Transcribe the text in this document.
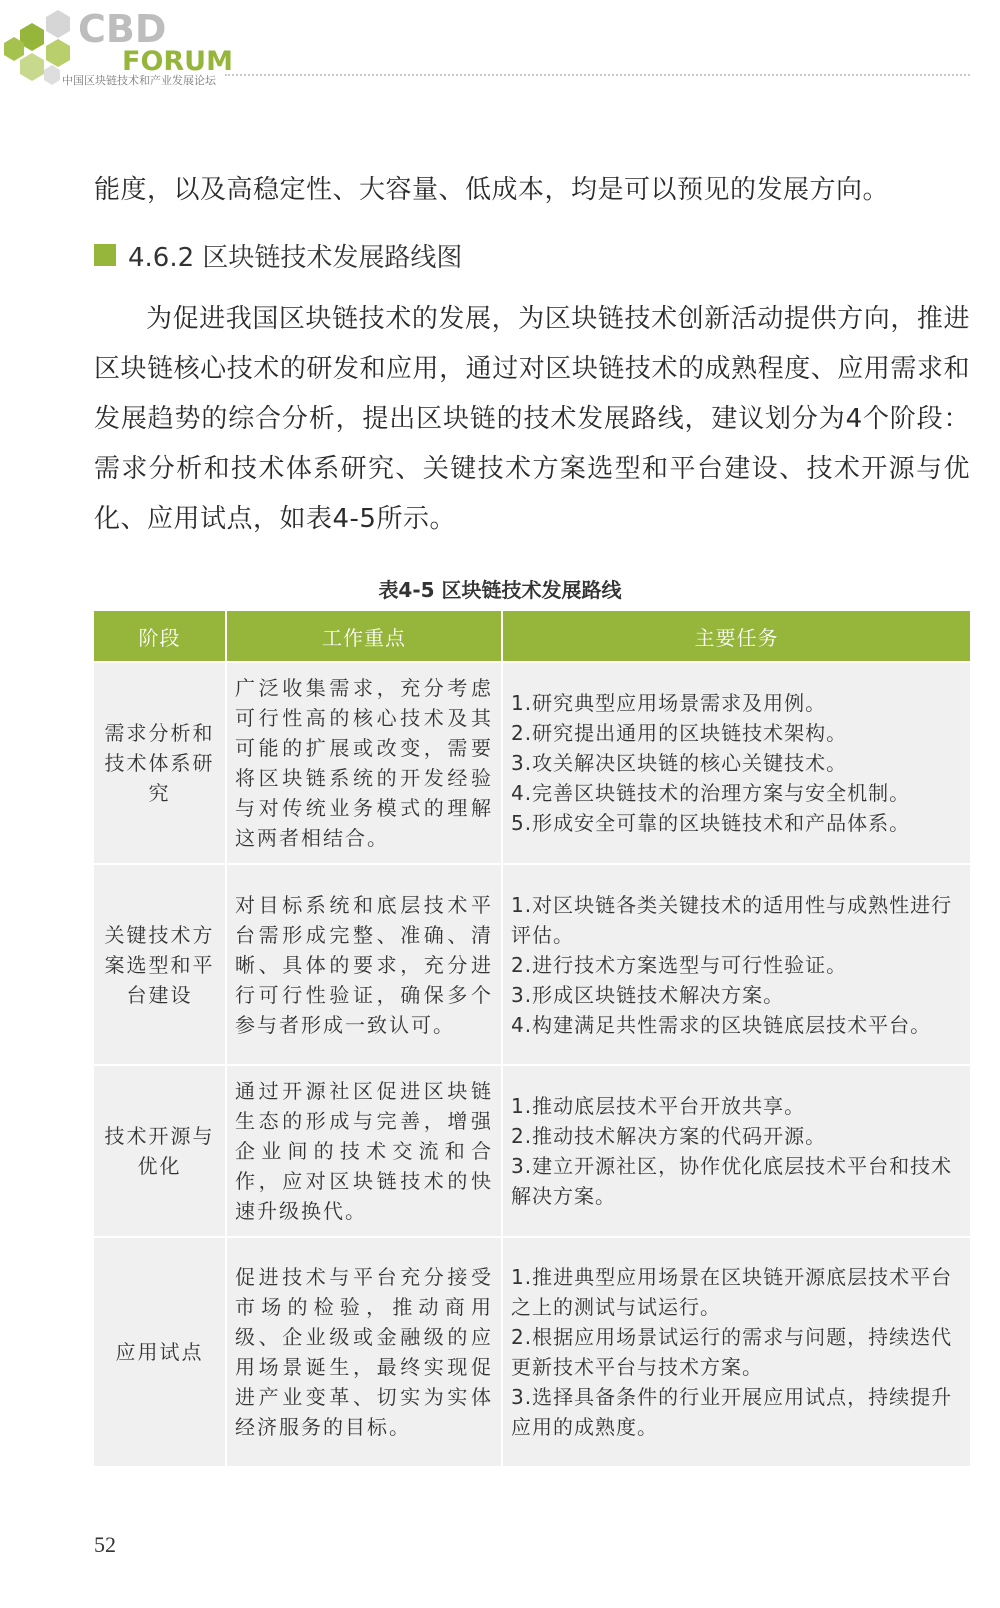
CBD
FORUM
中国区块链技术和产业发展论坛
能度，以及高稳定性、大容量、低成本，均是可以预见的发展方向。
4.6.2 区块链技术发展路线图
为促进我国区块链技术的发展，为区块链技术创新活动提供方向，推进区块链核心技术的研发和应用，通过对区块链技术的成熟程度、应用需求和发展趋势的综合分析，提出区块链的技术发展路线，建议划分为4个阶段：需求分析和技术体系研究、关键技术方案选型和平台建设、技术开源与优化、应用试点，如表4-5所示。
表4-5 区块链技术发展路线
阶段	工作重点	主要任务
需求分析和技术体系研究	广泛收集需求，充分考虑可行性高的核心技术及其可能的扩展或改变，需要将区块链系统的开发经验与对传统业务模式的理解这两者相结合。	1.研究典型应用场景需求及用例。
2.研究提出通用的区块链技术架构。
3.攻关解决区块链的核心关键技术。
4.完善区块链技术的治理方案与安全机制。
5.形成安全可靠的区块链技术和产品体系。

关键技术方案选型和平台建设	对目标系统和底层技术平台需形成完整、准确、清晰、具体的要求，充分进行可行性验证，确保多个参与者形成一致认可。	1.对区块链各类关键技术的适用性与成熟性进行评估。
2.进行技术方案选型与可行性验证。
3.形成区块链技术解决方案。
4.构建满足共性需求的区块链底层技术平台。

技术开源与优化	通过开源社区促进区块链生态的形成与完善，增强企业间的技术交流和合作，应对区块链技术的快速升级换代。	1.推动底层技术平台开放共享。
2.推动技术解决方案的代码开源。
3.建立开源社区，协作优化底层技术平台和技术解决方案。

应用试点	促进技术与平台充分接受市场的检验，推动商用级、企业级或金融级的应用场景诞生，最终实现促进产业变革、切实为实体经济服务的目标。	1.推进典型应用场景在区块链开源底层技术平台之上的测试与试运行。
2.根据应用场景试运行的需求与问题，持续迭代更新技术平台与技术方案。
3.选择具备条件的行业开展应用试点，持续提升应用的成熟度。
52
